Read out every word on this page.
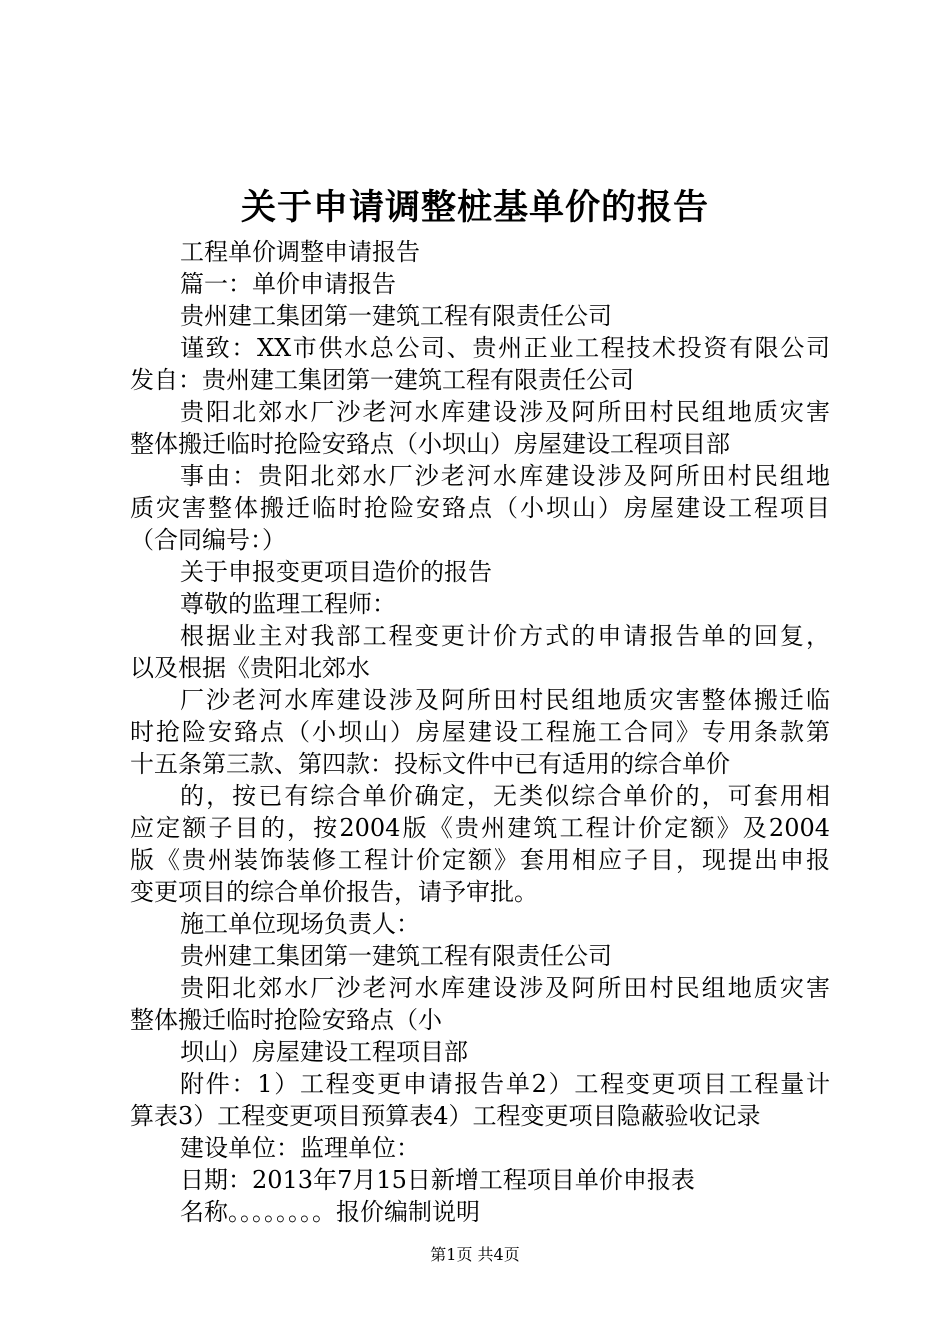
关于申请调整桩基单价的报告
工程单价调整申请报告
篇一：单价申请报告
贵州建工集团第一建筑工程有限责任公司
谨致：XX市供水总公司、贵州正业工程技术投资有限公司
发自：贵州建工集团第一建筑工程有限责任公司
贵阳北郊水厂沙老河水库建设涉及阿所田村民组地质灾害
整体搬迁临时抢险安臵点（小坝山）房屋建设工程项目部
事由：贵阳北郊水厂沙老河水库建设涉及阿所田村民组地
质灾害整体搬迁临时抢险安臵点（小坝山）房屋建设工程项目
（合同编号：）
关于申报变更项目造价的报告
尊敬的监理工程师：
根据业主对我部工程变更计价方式的申请报告单的回复，
以及根据《贵阳北郊水
厂沙老河水库建设涉及阿所田村民组地质灾害整体搬迁临
时抢险安臵点（小坝山）房屋建设工程施工合同》专用条款第
十五条第三款、第四款：投标文件中已有适用的综合单价
的，按已有综合单价确定，无类似综合单价的，可套用相
应定额子目的，按2004版《贵州建筑工程计价定额》及2004
版《贵州装饰装修工程计价定额》套用相应子目，现提出申报
变更项目的综合单价报告，请予审批。
施工单位现场负责人：
贵州建工集团第一建筑工程有限责任公司
贵阳北郊水厂沙老河水库建设涉及阿所田村民组地质灾害
整体搬迁临时抢险安臵点（小
坝山）房屋建设工程项目部
附件：1）工程变更申请报告单2）工程变更项目工程量计
算表3）工程变更项目预算表4）工程变更项目隐蔽验收记录
建设单位：监理单位：
日期：2013年7月15日新增工程项目单价申报表
名称。。。。。。。。报价编制说明
第1页 共4页
